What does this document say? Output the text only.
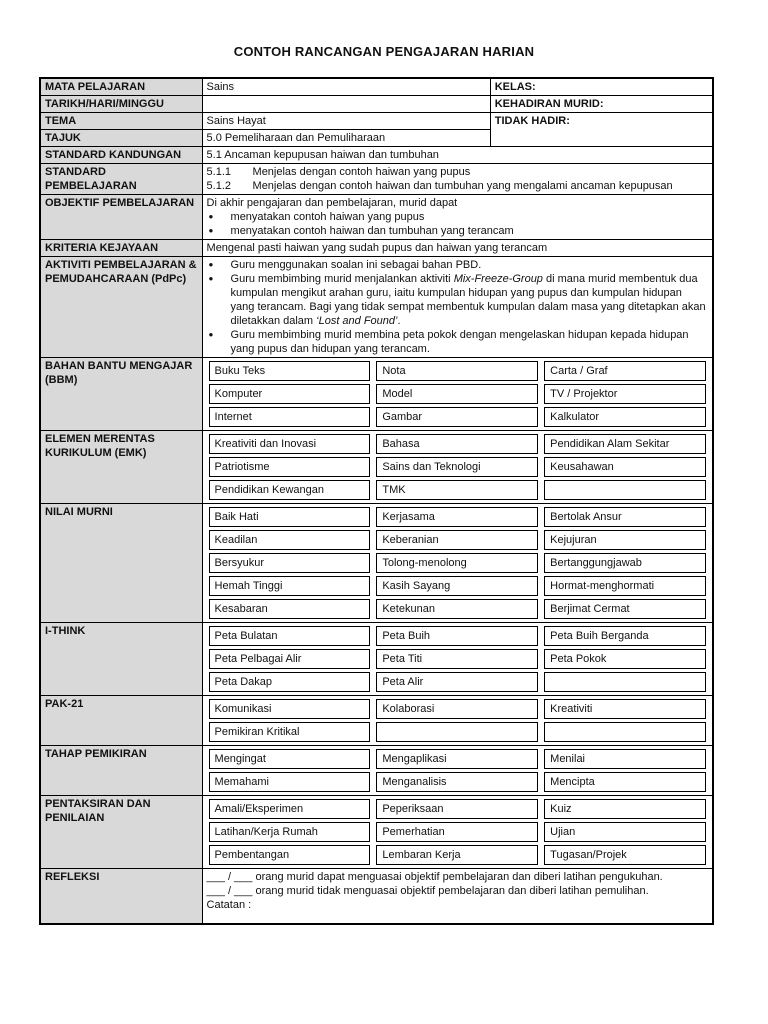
CONTOH RANCANGAN PENGAJARAN HARIAN
MATA PELAJARAN	Sains	KELAS:
TARIKH/HARI/MINGGU		KEHADIRAN MURID:
TEMA	Sains Hayat	TIDAK HADIR:
TAJUK	5.0 Pemeliharaan dan Pemuliharaan
STANDARD KANDUNGAN	5.1 Ancaman kepupusan haiwan dan tumbuhan
STANDARD PEMBELAJARAN	
5.1.1	Menjelas dengan contoh haiwan yang pupus
5.1.2	Menjelas dengan contoh haiwan dan tumbuhan yang mengalami ancaman kepupusan

OBJEKTIF PEMBELAJARAN	Di akhir pengajaran dan pembelajaran, murid dapat
● menyatakan contoh haiwan yang pupus
● menyatakan contoh haiwan dan tumbuhan yang terancam

KRITERIA KEJAYAAN	Mengenal pasti haiwan yang sudah pupus dan haiwan yang terancam
AKTIVITI PEMBELAJARAN & PEMUDAHCARAAN (PdPc)	
● Guru menggunakan soalan ini sebagai bahan PBD.
● Guru membimbing murid menjalankan aktiviti Mix-Freeze-Group di mana murid membentuk dua kumpulan mengikut arahan guru, iaitu kumpulan hidupan yang pupus dan kumpulan hidupan yang terancam. Bagi yang tidak sempat membentuk kumpulan dalam masa yang ditetapkan akan diletakkan dalam ‘Lost and Found’.
● Guru membimbing murid membina peta pokok dengan mengelaskan hidupan kepada hidupan yang pupus dan hidupan yang terancam.

BAHAN BANTU MENGAJAR (BBM)	
Buku Teks	Nota	Carta / Graf
Komputer	Model	TV / Projektor
Internet	Gambar	Kalkulator

ELEMEN MERENTAS KURIKULUM (EMK)	
Kreativiti dan Inovasi	Bahasa	Pendidikan Alam Sekitar
Patriotisme	Sains dan Teknologi	Keusahawan
Pendidikan Kewangan	TMK	

NILAI MURNI		Baik Hati	Kerjasama	Bertolak Ansur
Keadilan	Keberanian	Kejujuran
Bersyukur	Tolong-menolong	Bertanggungjawab
Hemah Tinggi	Kasih Sayang	Hormat-menghormati
Kesabaran	Ketekunan	Berjimat Cermat

I-THINK		Peta Bulatan	Peta Buih	Peta Buih Berganda
Peta Pelbagai Alir	Peta Titi	Peta Pokok
Peta Dakap	Peta Alir	

PAK-21		Komunikasi	Kolaborasi	Kreativiti
Pemikiran Kritikal		

TAHAP PEMIKIRAN		Mengingat	Mengaplikasi	Menilai
Memahami	Menganalisis	Mencipta

PENTAKSIRAN DAN PENILAIAN	
Amali/Eksperimen	Peperiksaan	Kuiz
Latihan/Kerja Rumah	Pemerhatian	Ujian
Pembentangan	Lembaran Kerja	Tugasan/Projek

REFLEKSI	___ / ___ orang murid dapat menguasai objektif pembelajaran dan diberi latihan pengukuhan.
___ / ___ orang murid tidak menguasai objektif pembelajaran dan diberi latihan pemulihan.
Catatan :
